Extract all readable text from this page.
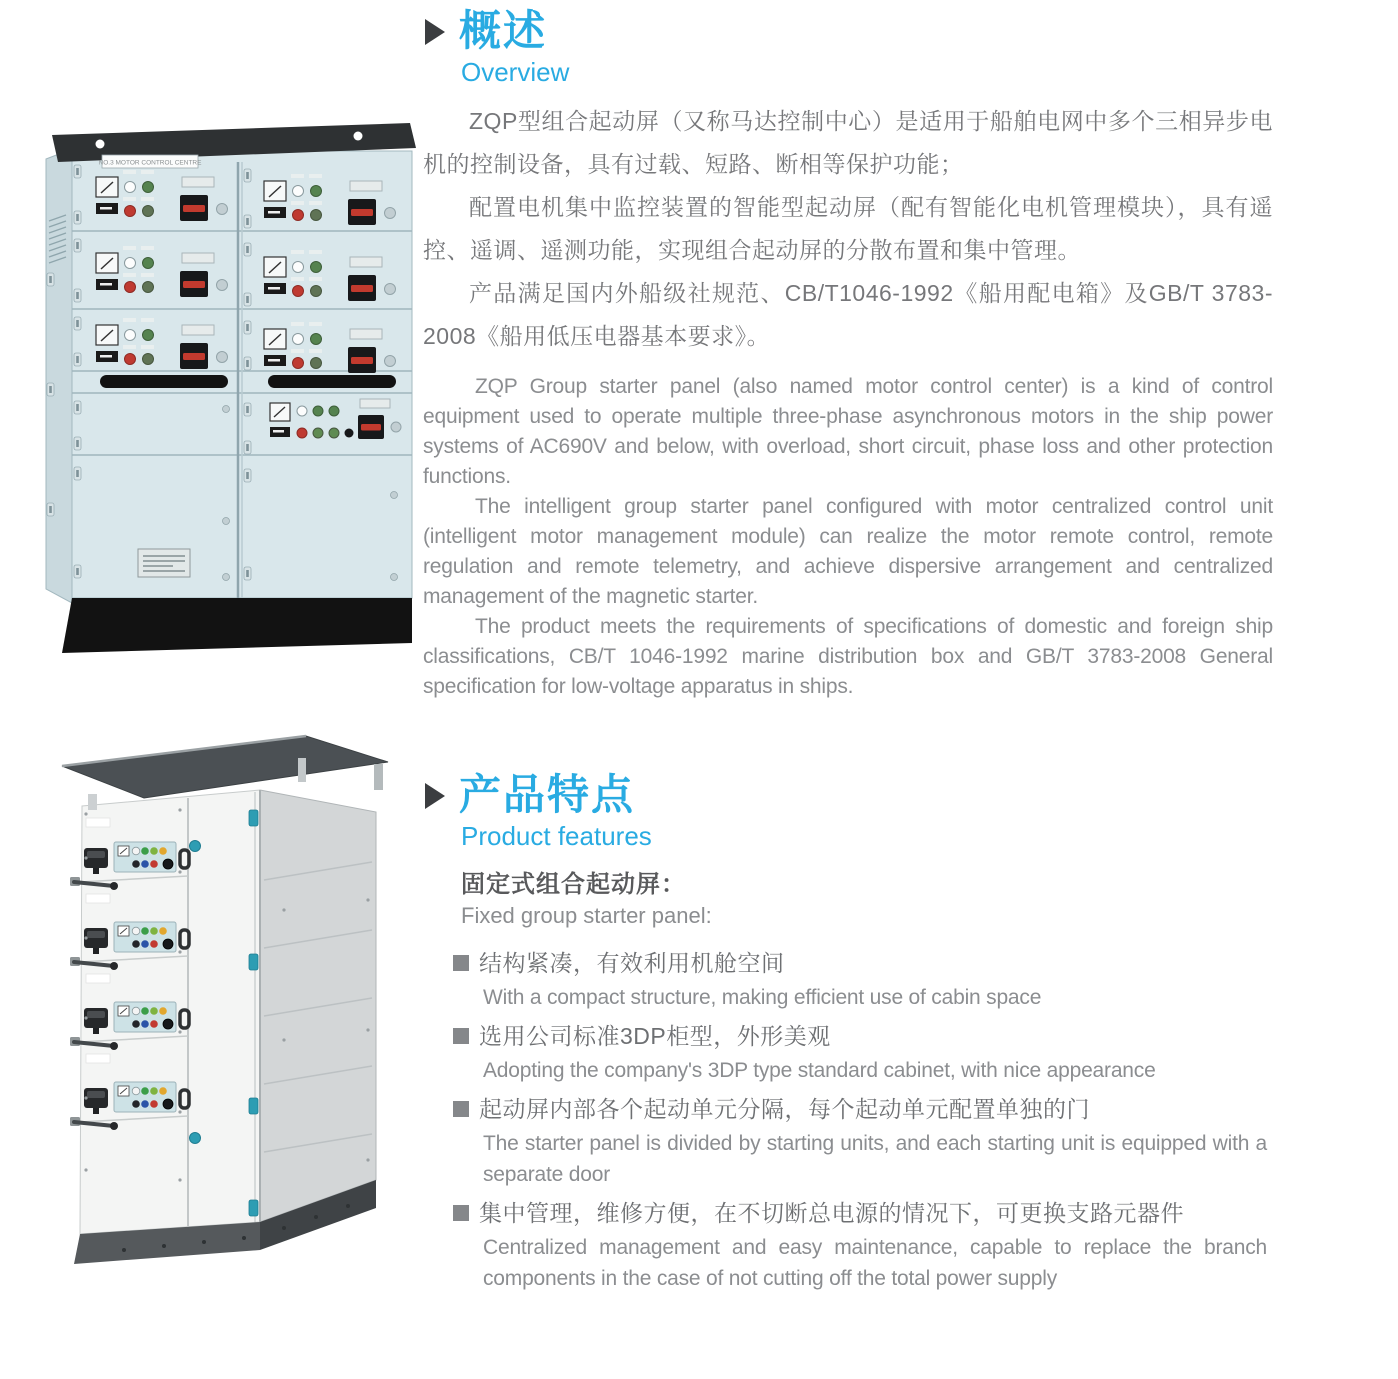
NO.3 MOTOR CONTROL CENTRE
概述
Overview

ZQP型组合起动屏（又称马达控制中心）是适用于船舶电网中多个三相异步电机的控制设备，具有过载、短路、断相等保护功能；

配置电机集中监控装置的智能型起动屏（配有智能化电机管理模块），具有遥控、遥调、遥测功能，实现组合起动屏的分散布置和集中管理。

产品满足国内外船级社规范、CB/T1046-1992《船用配电箱》及GB/T 3783-2008《船用低压电器基本要求》。

ZQP Group starter panel (also named motor control center) is a kind of control equipment used to operate multiple three-phase asynchronous motors in the ship power systems of AC690V and below, with overload, short circuit, phase loss and other protection functions.

The intelligent group starter panel configured with motor centralized control unit (intelligent motor management module) can realize the motor remote control, remote regulation and remote telemetry, and achieve dispersive arrangement and centralized management of the magnetic starter.

The product meets the requirements of specifications of domestic and foreign ship classifications, CB/T 1046-1992 marine distribution box and GB/T 3783-2008 General specification for low-voltage apparatus in ships.

产品特点
Product features
固定式组合起动屏：
Fixed group starter panel:
结构紧凑，有效利用机舱空间
With a compact structure, making efficient use of cabin space
选用公司标准3DP柜型，外形美观
Adopting the company's 3DP type standard cabinet, with nice appearance
起动屏内部各个起动单元分隔，每个起动单元配置单独的门
The starter panel is divided by starting units, and each starting unit is equipped with a separate door
集中管理，维修方便，在不切断总电源的情况下，可更换支路元器件
Centralized management and easy maintenance, capable to replace the branch components in the case of not cutting off the total power supply
